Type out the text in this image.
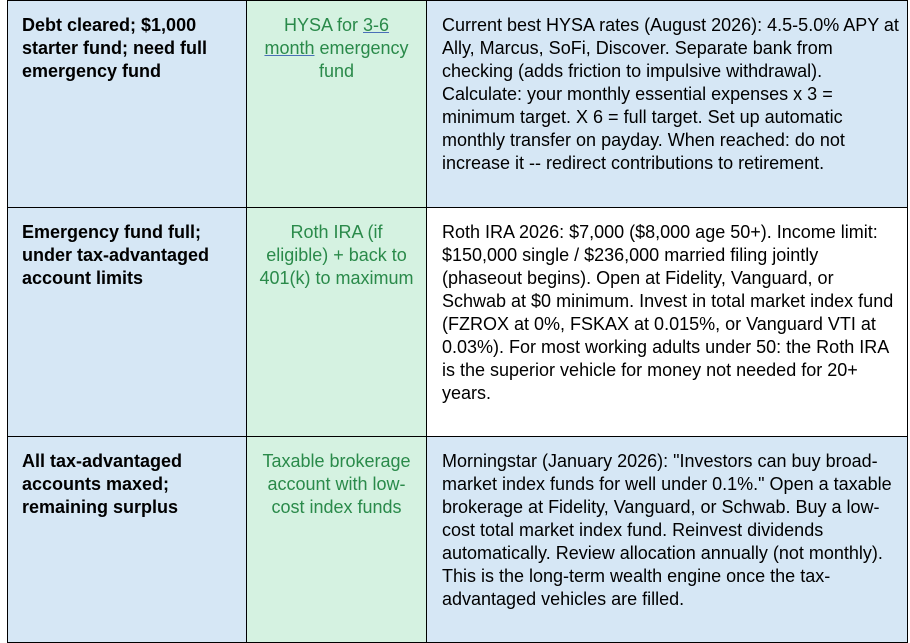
Debt cleared; $1,000 starter fund; need full emergency fund	HYSA for 3-6 month emergency fund	Current best HYSA rates (August 2026): 4.5-5.0% APY at Ally, Marcus, SoFi, Discover. Separate bank from checking (adds friction to impulsive withdrawal). Calculate: your monthly essential expenses x 3 = minimum target. X 6 = full target. Set up automatic monthly transfer on payday. When reached: do not increase it -- redirect contributions to retirement.
Emergency fund full; under tax-advantaged account limits	Roth IRA (if eligible) + back to 401(k) to maximum	Roth IRA 2026: $7,000 ($8,000 age 50+). Income limit: $150,000 single / $236,000 married filing jointly (phaseout begins). Open at Fidelity, Vanguard, or Schwab at $0 minimum. Invest in total market index fund (FZROX at 0%, FSKAX at 0.015%, or Vanguard VTI at 0.03%). For most working adults under 50: the Roth IRA is the superior vehicle for money not needed for 20+ years.
All tax-advantaged accounts maxed; remaining surplus	Taxable brokerage account with low-cost index funds	Morningstar (January 2026): "Investors can buy broad-market index funds for well under 0.1%." Open a taxable brokerage at Fidelity, Vanguard, or Schwab. Buy a low-cost total market index fund. Reinvest dividends automatically. Review allocation annually (not monthly). This is the long-term wealth engine once the tax-advantaged vehicles are filled.
